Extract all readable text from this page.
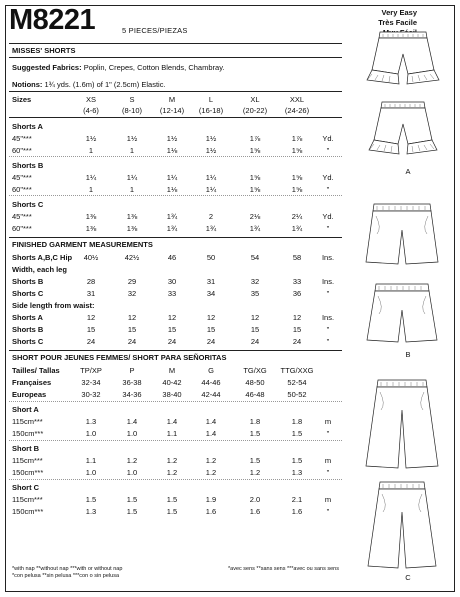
M8221	5 PIECES/PIEZAS
Very Easy
Très Facile
MISSES' SHORTS
Suggested Fabrics: Poplin, Crepes, Cotton Blends, Chambray.
Notions: 1¾ yds. (1.6m) of 1" (2.5cm) Elastic.
Sizes	XS	S	M	L	XL	XXL
(4-6)	(8-10)	(12-14)	(16-18)	(20-22)	(24-26)
Shorts A
45"***	1½	1½	1½	1½	1⅞	1⅞	Yd.
60"***	1	1	1⅛	1½	1⅝	1⅝	"
Shorts B
45"***	1¼	1¼	1¼	1¼	1⅝	1⅝	Yd.
60"***	1	1	1⅛	1¼	1⅝	1⅝	"
Shorts C
45"***	1⅜	1⅜	1¾	2	2⅛	2¼	Yd.
60"***	1⅜	1⅜	1¾	1¾	1¾	1¾	"
FINISHED GARMENT MEASUREMENTS
Shorts A,B,C Hip	40½	42½	46	50	54	58	Ins.
Width, each leg
Shorts B	28	29	30	31	32	33	Ins.
Shorts C	31	32	33	34	35	36	"
Side length from waist:
Shorts A	12	12	12	12	12	12	Ins.
Shorts B	15	15	15	15	15	15	"
Shorts C	24	24	24	24	24	24	"
SHORT POUR JEUNES FEMMES/ SHORT PARA SEÑORITAS
Tailles/ Tallas	TP/XP	P	M	G	TG/XG	TTG/XXG
Françaises	32-34	36-38	40-42	44-46	48-50	52-54
Europeas	30-32	34-36	38-40	42-44	46-48	50-52
Short A
115cm***	1.3	1.4	1.4	1.4	1.8	1.8	m
150cm***	1.0	1.0	1.1	1.4	1.5	1.5	"
Short B
115cm***	1.1	1.2	1.2	1.2	1.5	1.5	m
150cm***	1.0	1.0	1.2	1.2	1.2	1.3	"
Short C
115cm***	1.5	1.5	1.5	1.9	2.0	2.1	m
150cm***	1.3	1.5	1.5	1.6	1.6	1.6	"
A
B
C
*with nap **without nap ***with or without nap
*con pelusa **sin pelusa ***con o sin pelusa
*avec sens **sans sens ***avec ou sans sens
